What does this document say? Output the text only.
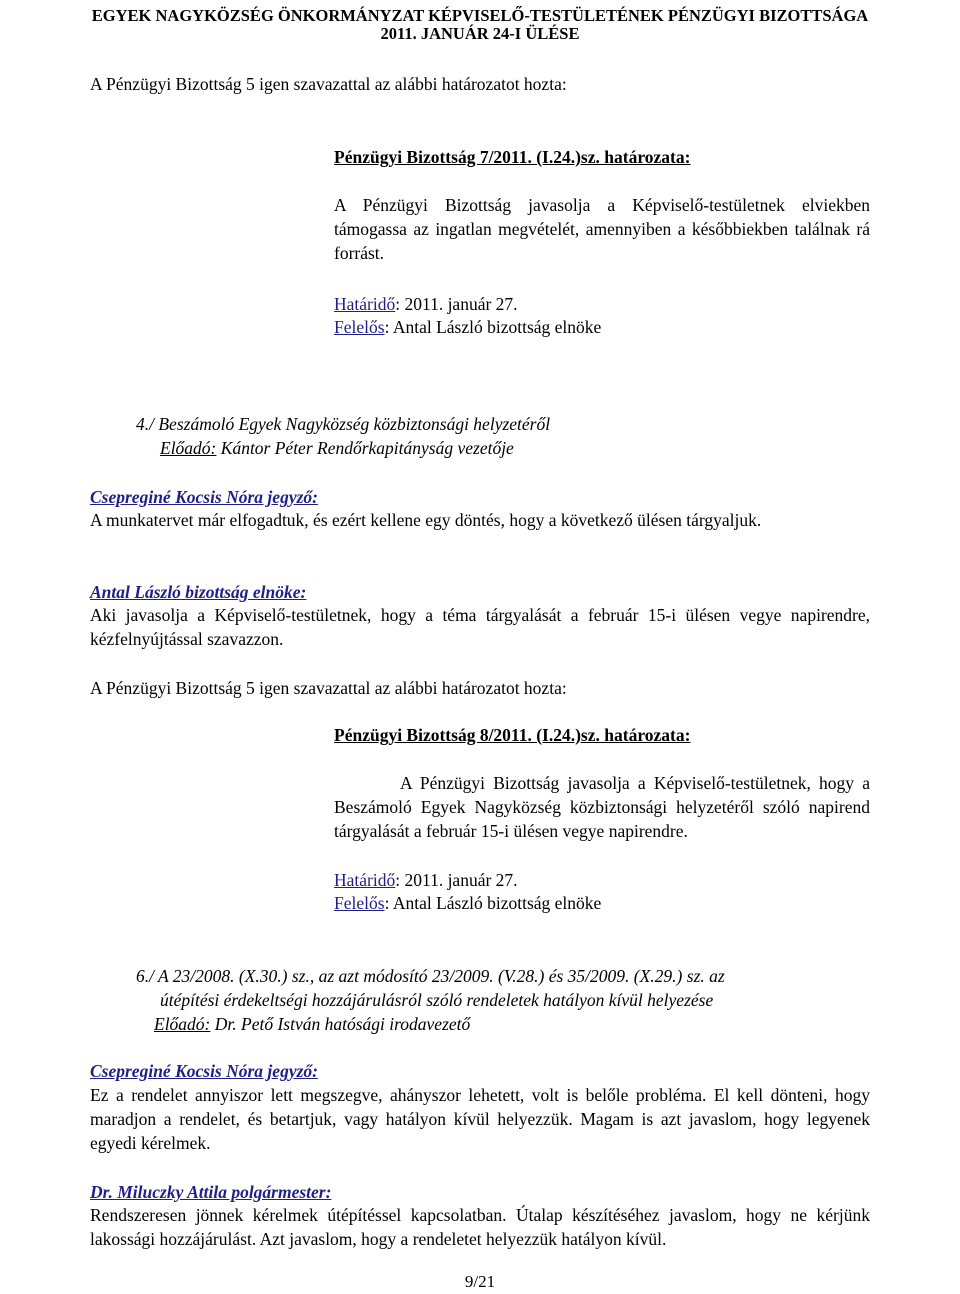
EGYEK NAGYKÖZSÉG ÖNKORMÁNYZAT KÉPVISELŐ-TESTÜLETÉNEK PÉNZÜGYI BIZOTTSÁGA
2011. JANUÁR 24-I ÜLÉSE
A Pénzügyi Bizottság 5 igen szavazattal az alábbi határozatot hozta:
Pénzügyi Bizottság 7/2011. (I.24.)sz. határozata:
A Pénzügyi Bizottság javasolja a Képviselő-testületnek elviekben támogassa az ingatlan megvételét, amennyiben a későbbiekben találnak rá forrást.
Határidő: 2011. január 27.
Felelős: Antal László bizottság elnöke
4./ Beszámoló Egyek Nagyközség közbiztonsági helyzetéről
Előadó: Kántor Péter Rendőrkapitányság vezetője
Csepreginé Kocsis Nóra jegyző:
A munkatervet már elfogadtuk, és ezért kellene egy döntés, hogy a következő ülésen tárgyaljuk.
Antal László bizottság elnöke:
Aki javasolja a Képviselő-testületnek, hogy a téma tárgyalását a február 15-i ülésen vegye napirendre, kézfelnyújtással szavazzon.
A Pénzügyi Bizottság 5 igen szavazattal az alábbi határozatot hozta:
Pénzügyi Bizottság 8/2011. (I.24.)sz. határozata:
A Pénzügyi Bizottság javasolja a Képviselő-testületnek, hogy a Beszámoló Egyek Nagyközség közbiztonsági helyzetéről szóló napirend tárgyalását a február 15-i ülésen vegye napirendre.
Határidő: 2011. január 27.
Felelős: Antal László bizottság elnöke
6./ A 23/2008. (X.30.) sz., az azt módosító 23/2009. (V.28.) és 35/2009. (X.29.) sz. az
útépítési érdekeltségi hozzájárulásról szóló rendeletek hatályon kívül helyezése
Előadó: Dr. Pető István hatósági irodavezető
Csepreginé Kocsis Nóra jegyző:
Ez a rendelet annyiszor lett megszegve, ahányszor lehetett, volt is belőle probléma. El kell dönteni, hogy maradjon a rendelet, és betartjuk, vagy hatályon kívül helyezzük. Magam is azt javaslom, hogy legyenek egyedi kérelmek.
Dr. Miluczky Attila polgármester:
Rendszeresen jönnek kérelmek útépítéssel kapcsolatban. Útalap készítéséhez javaslom, hogy ne kérjünk lakossági hozzájárulást. Azt javaslom, hogy a rendeletet helyezzük hatályon kívül.
9/21
